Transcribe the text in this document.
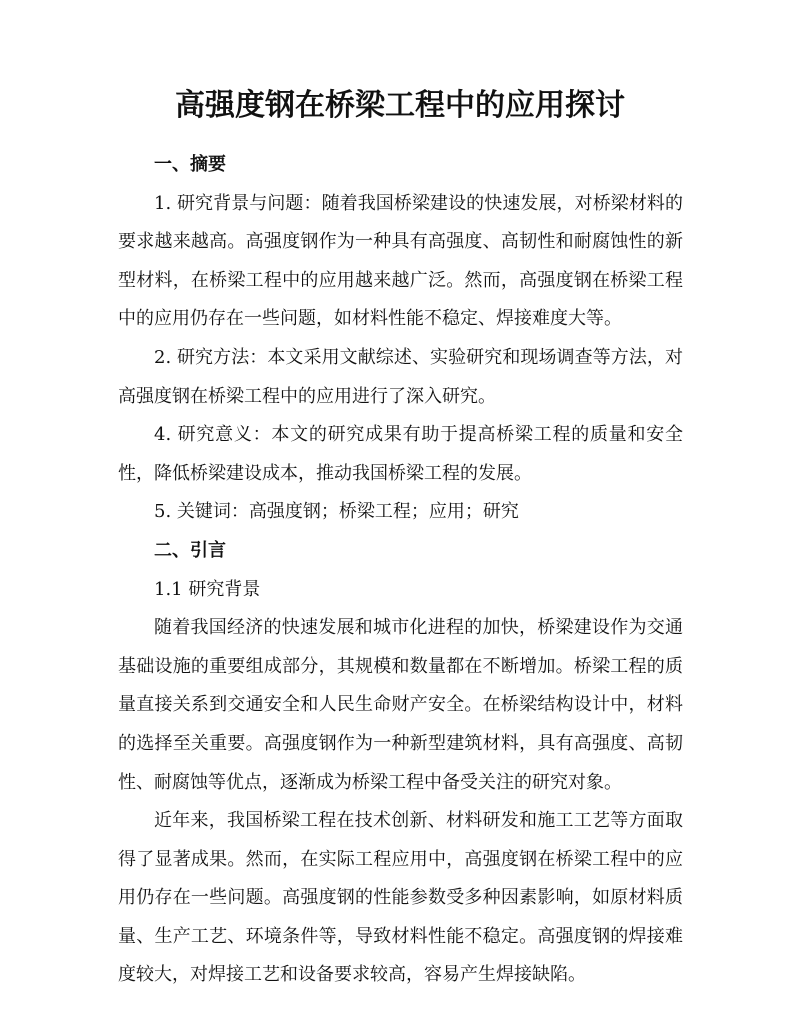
高强度钢在桥梁工程中的应用探讨

一、摘要

1. 研究背景与问题：随着我国桥梁建设的快速发展，对桥梁材料的要求越来越高。高强度钢作为一种具有高强度、高韧性和耐腐蚀性的新型材料，在桥梁工程中的应用越来越广泛。然而，高强度钢在桥梁工程中的应用仍存在一些问题，如材料性能不稳定、焊接难度大等。

2. 研究方法：本文采用文献综述、实验研究和现场调查等方法，对高强度钢在桥梁工程中的应用进行了深入研究。

4. 研究意义：本文的研究成果有助于提高桥梁工程的质量和安全性，降低桥梁建设成本，推动我国桥梁工程的发展。

5. 关键词：高强度钢；桥梁工程；应用；研究

二、引言

1.1 研究背景

随着我国经济的快速发展和城市化进程的加快，桥梁建设作为交通基础设施的重要组成部分，其规模和数量都在不断增加。桥梁工程的质量直接关系到交通安全和人民生命财产安全。在桥梁结构设计中，材料的选择至关重要。高强度钢作为一种新型建筑材料，具有高强度、高韧性、耐腐蚀等优点，逐渐成为桥梁工程中备受关注的研究对象。

近年来，我国桥梁工程在技术创新、材料研发和施工工艺等方面取得了显著成果。然而，在实际工程应用中，高强度钢在桥梁工程中的应用仍存在一些问题。高强度钢的性能参数受多种因素影响，如原材料质量、生产工艺、环境条件等，导致材料性能不稳定。高强度钢的焊接难度较大，对焊接工艺和设备要求较高，容易产生焊接缺陷。
